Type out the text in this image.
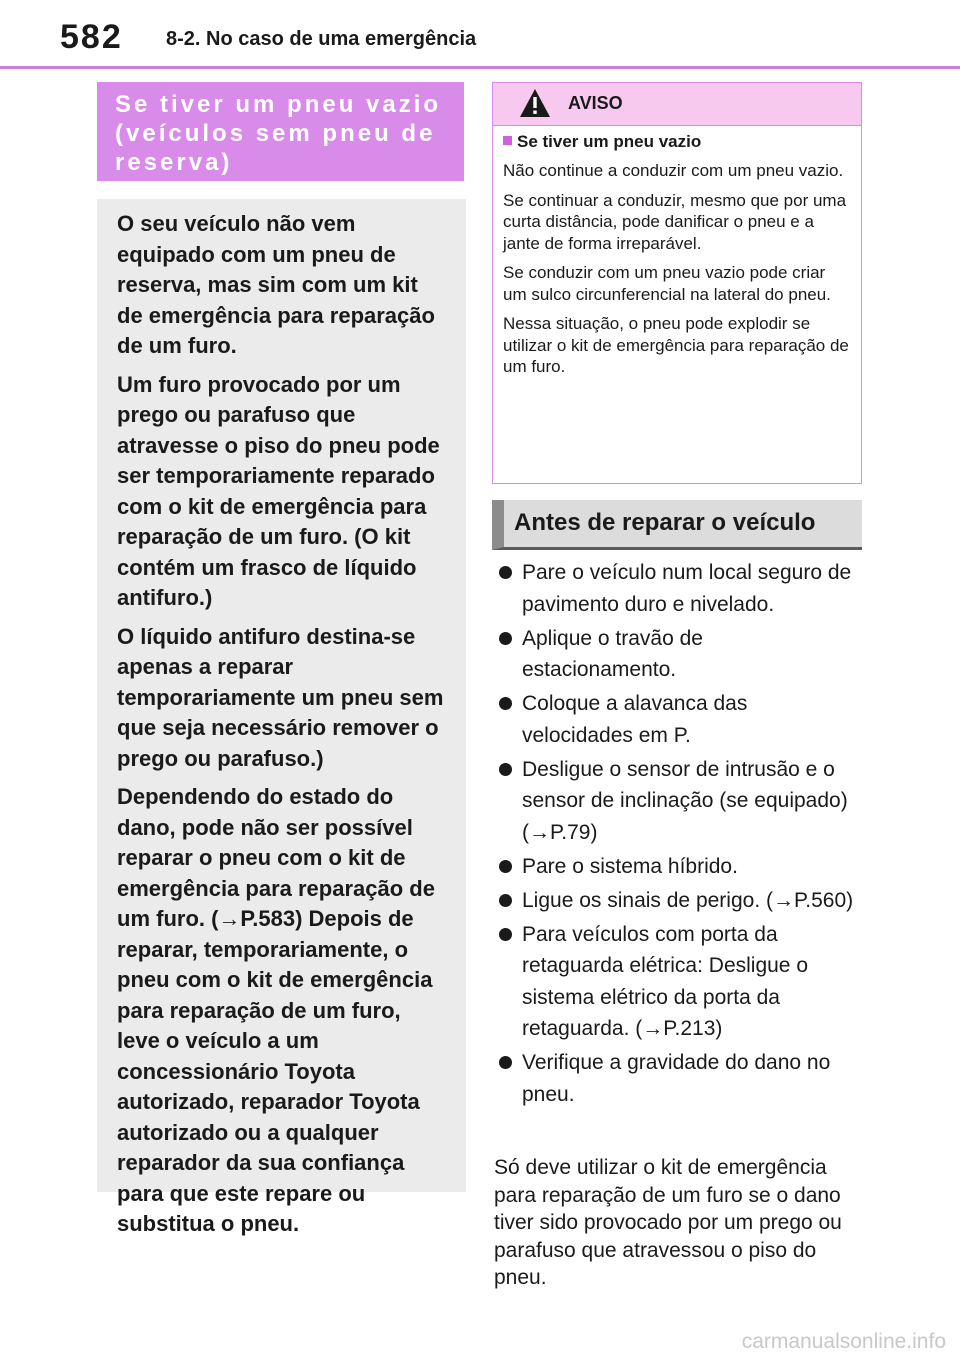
582 8-2. No caso de uma emergência
Se tiver um pneu vazio
(veículos sem pneu de
reserva)

O seu veículo não vem equipado com um pneu de reserva, mas sim com um kit de emergência para reparação de um furo.

Um furo provocado por um prego ou parafuso que atravesse o piso do pneu pode ser temporariamente reparado com o kit de emergência para reparação de um furo. (O kit contém um frasco de líquido antifuro.)

O líquido antifuro destina-se apenas a reparar temporariamente um pneu sem que seja necessário remover o prego ou parafuso.)

Dependendo do estado do dano, pode não ser possível reparar o pneu com o kit de emergência para reparação de um furo. (→P.583) Depois de reparar, temporariamente, o pneu com o kit de emergência para reparação de um furo, leve o veículo a um concessionário Toyota autorizado, reparador Toyota autorizado ou a qualquer reparador da sua confiança para que este repare ou substitua o pneu.

AVISO
Se tiver um pneu vazio

Não continue a conduzir com um pneu vazio.

Se continuar a conduzir, mesmo que por uma curta distância, pode danificar o pneu e a jante de forma irreparável.

Se conduzir com um pneu vazio pode criar um sulco circunferencial na lateral do pneu.

Nessa situação, o pneu pode explodir se utilizar o kit de emergência para reparação de um furo.

Antes de reparar o veículo
Pare o veículo num local seguro de pavimento duro e nivelado.
Aplique o travão de estacionamento.
Coloque a alavanca das velocidades em P.
Desligue o sensor de intrusão e o sensor de inclinação (se equipado) (→P.79)
Pare o sistema híbrido.
Ligue os sinais de perigo. (→P.560)
Para veículos com porta da retaguarda elétrica: Desligue o sistema elétrico da porta da retaguarda. (→P.213)
Verifique a gravidade do dano no pneu.

Só deve utilizar o kit de emergência para reparação de um furo se o dano tiver sido provocado por um prego ou parafuso que atravessou o piso do pneu.

carmanualsonline.info
